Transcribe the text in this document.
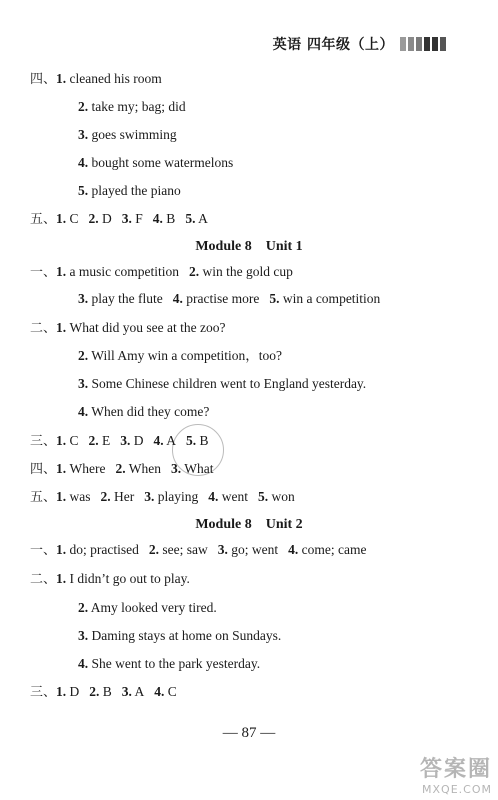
英语 四年级（上）
四、1. cleaned his room
2. take my; bag; did
3. goes swimming
4. bought some watermelons
5. played the piano
五、1. C 2. D 3. F 4. B 5. A
Module 8 Unit 1
一、1. a music competition 2. win the gold cup
3. play the flute 4. practise more 5. win a competition
二、1. What did you see at the zoo?
2. Will Amy win a competition，too?
3. Some Chinese children went to England yesterday.
4. When did they come?
三、1. C 2. E 3. D 4. A 5. B
四、1. Where 2. When 3. What
五、1. was 2. Her 3. playing 4. went 5. won
Module 8 Unit 2
一、1. do; practised 2. see; saw 3. go; went 4. come; came
二、1. I didn’t go out to play.
2. Amy looked very tired.
3. Daming stays at home on Sundays.
4. She went to the park yesterday.
三、1. D 2. B 3. A 4. C
— 87 —
答案圈
MXQE.COM
